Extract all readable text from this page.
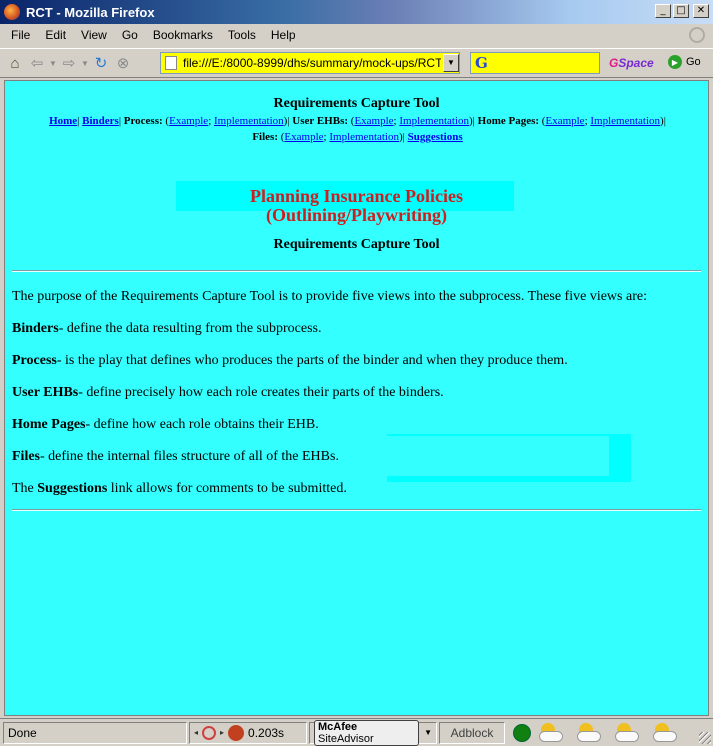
RCT - Mozilla Firefox	_	□	✕
File	Edit	View	Go	Bookmarks	Tools	Help
⌂ ⇦ ▼ ⇨ ▼ ↻ ⊗
file:///E:/8000-8999/dhs/summary/mock-ups/RCT.htm	▼ G	GSpace	▶ Go
Requirements Capture Tool
Home| Binders| Process: (Example; Implementation)| User EHBs: (Example; Implementation)| Home Pages: (Example; Implementation)|
Files: (Example; Implementation)| Suggestions
Planning Insurance Policies
(Outlining/Playwriting)
Requirements Capture Tool
The purpose of the Requirements Capture Tool is to provide five views into the subprocess. These five views are:
Binders- define the data resulting from the subprocess.
Process- is the play that defines who produces the parts of the binder and when they produce them.
User EHBs- define precisely how each role creates their parts of the binders.
Home Pages- define how each role obtains their EHB.
Files- define the internal files structure of all of the EHBs.
The Suggestions link allows for comments to be submitted.
Done	◂	▸ 0.203s	McAfee SiteAdvisor	▼	Adblock
